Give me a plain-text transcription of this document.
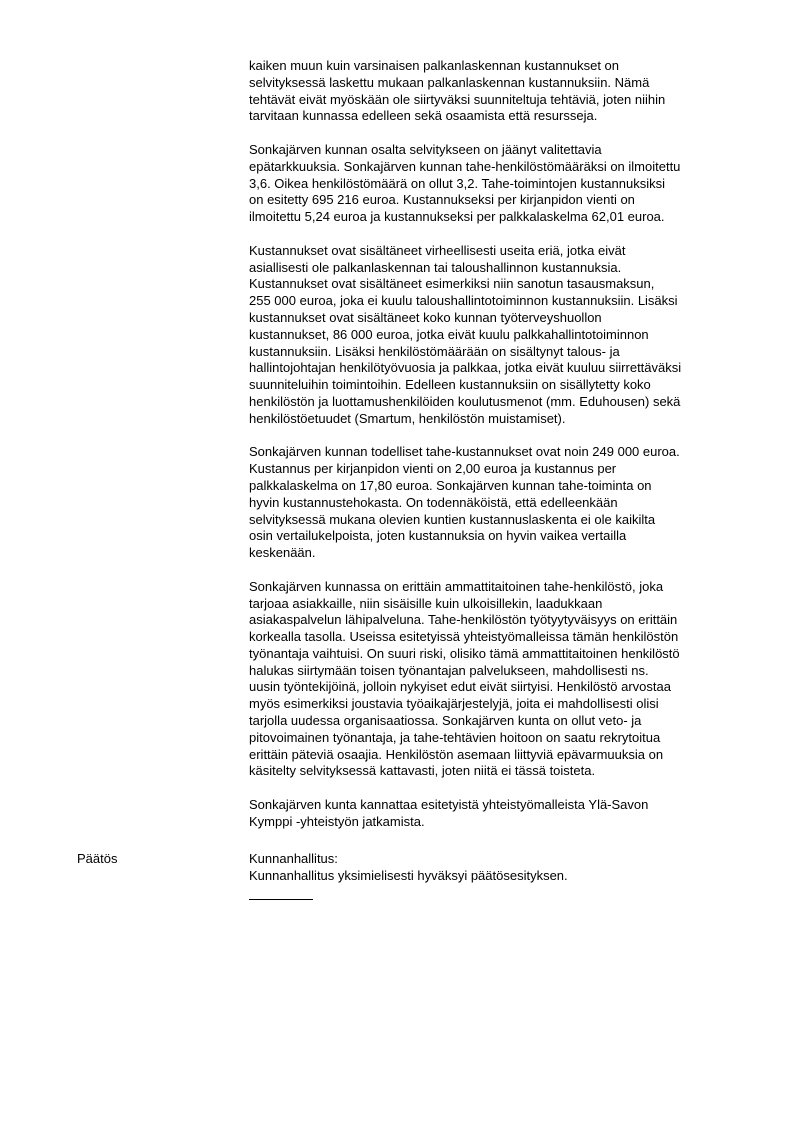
kaiken muun kuin varsinaisen palkanlaskennan kustannukset on
selvityksessä laskettu mukaan palkanlaskennan kustannuksiin. Nämä
tehtävät eivät myöskään ole siirtyväksi suunniteltuja tehtäviä, joten niihin
tarvitaan kunnassa edelleen sekä osaamista että resursseja.

Sonkajärven kunnan osalta selvitykseen on jäänyt valitettavia
epätarkkuuksia. Sonkajärven kunnan tahe-henkilöstömääräksi on ilmoitettu
3,6. Oikea henkilöstömäärä on ollut 3,2. Tahe-toimintojen kustannuksiksi
on esitetty 695 216 euroa. Kustannukseksi per kirjanpidon vienti on
ilmoitettu 5,24 euroa ja kustannukseksi per palkkalaskelma 62,01 euroa.

Kustannukset ovat sisältäneet virheellisesti useita eriä, jotka eivät
asiallisesti ole palkanlaskennan tai taloushallinnon kustannuksia.
Kustannukset ovat sisältäneet esimerkiksi niin sanotun tasausmaksun,
255 000 euroa, joka ei kuulu taloushallintotoiminnon kustannuksiin. Lisäksi
kustannukset ovat sisältäneet koko kunnan työterveyshuollon
kustannukset, 86 000 euroa, jotka eivät kuulu palkkahallintotoiminnon
kustannuksiin. Lisäksi henkilöstömäärään on sisältynyt talous- ja
hallintojohtajan henkilötyövuosia ja palkkaa, jotka eivät kuuluu siirrettäväksi
suunniteluihin toimintoihin. Edelleen kustannuksiin on sisällytetty koko
henkilöstön ja luottamushenkilöiden koulutusmenot (mm. Eduhousen) sekä
henkilöstöetuudet (Smartum, henkilöstön muistamiset).

Sonkajärven kunnan todelliset tahe-kustannukset ovat noin 249 000 euroa.
Kustannus per kirjanpidon vienti on 2,00 euroa ja kustannus per
palkkalaskelma on 17,80 euroa. Sonkajärven kunnan tahe-toiminta on
hyvin kustannustehokasta. On todennäköistä, että edelleenkään
selvityksessä mukana olevien kuntien kustannuslaskenta ei ole kaikilta
osin vertailukelpoista, joten kustannuksia on hyvin vaikea vertailla
keskenään.

Sonkajärven kunnassa on erittäin ammattitaitoinen tahe-henkilöstö, joka
tarjoaa asiakkaille, niin sisäisille kuin ulkoisillekin, laadukkaan
asiakaspalvelun lähipalveluna. Tahe-henkilöstön työtyytyväisyys on erittäin
korkealla tasolla. Useissa esitetyissä yhteistyömalleissa tämän henkilöstön
työnantaja vaihtuisi. On suuri riski, olisiko tämä ammattitaitoinen henkilöstö
halukas siirtymään toisen työnantajan palvelukseen, mahdollisesti ns.
uusin työntekijöinä, jolloin nykyiset edut eivät siirtyisi. Henkilöstö arvostaa
myös esimerkiksi joustavia työaikajärjestelyjä, joita ei mahdollisesti olisi
tarjolla uudessa organisaatiossa. Sonkajärven kunta on ollut veto- ja
pitovoimainen työnantaja, ja tahe-tehtävien hoitoon on saatu rekrytoitua
erittäin päteviä osaajia. Henkilöstön asemaan liittyviä epävarmuuksia on
käsitelty selvityksessä kattavasti, joten niitä ei tässä toisteta.

Sonkajärven kunta kannattaa esitetyistä yhteistyömalleista Ylä-Savon
Kymppi -yhteistyön jatkamista.

Päätös	Kunnanhallitus:
Kunnanhallitus yksimielisesti hyväksyi päätösesityksen.
